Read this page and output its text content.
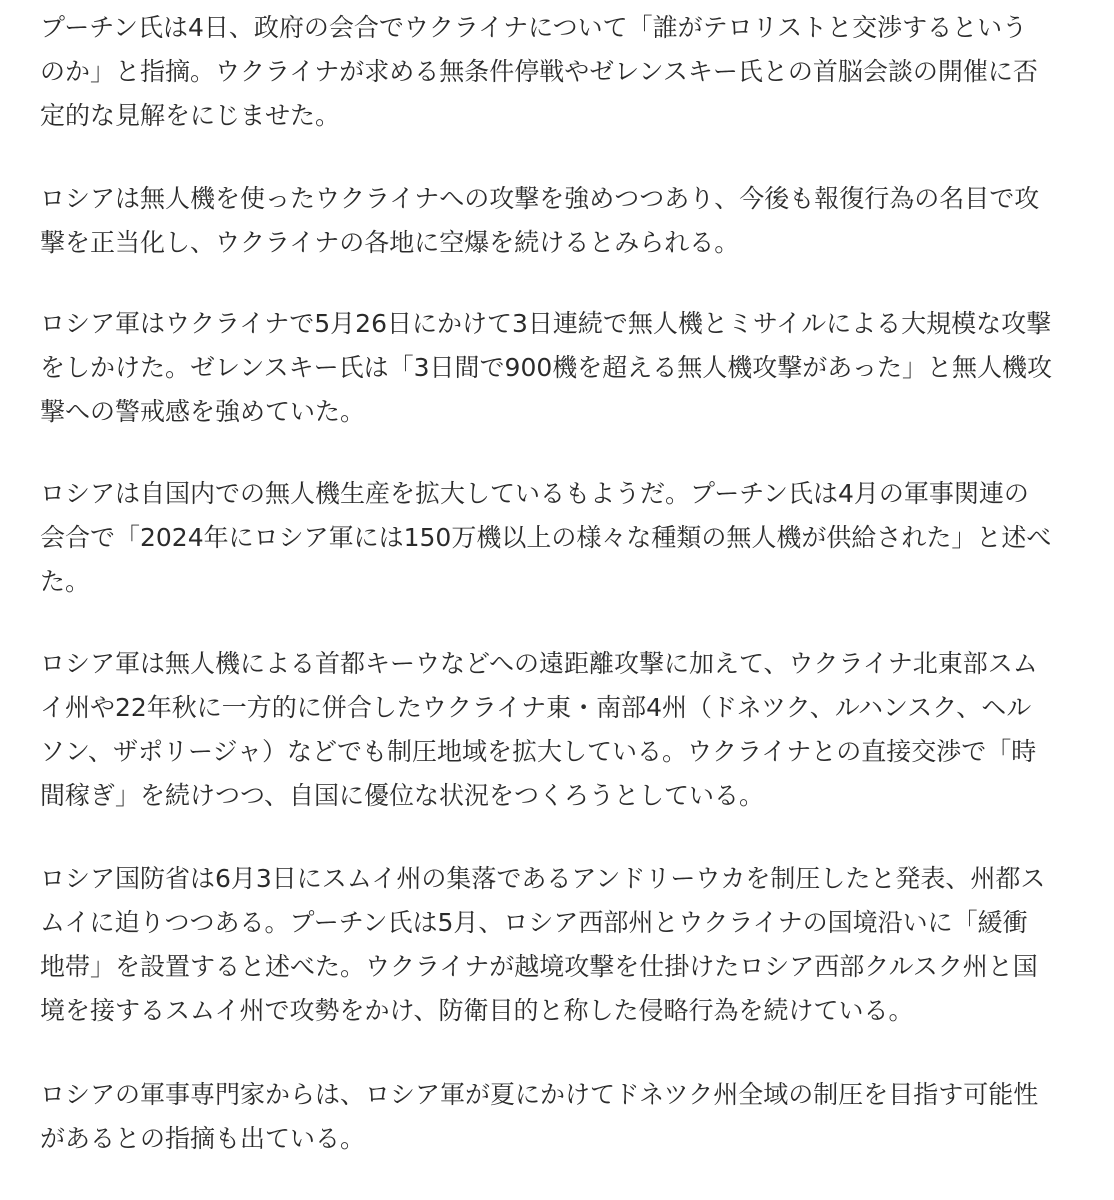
プーチン氏は4日、政府の会合でウクライナについて「誰がテロリストと交渉するという
のか」と指摘。ウクライナが求める無条件停戦やゼレンスキー氏との首脳会談の開催に否
定的な見解をにじませた。

ロシアは無人機を使ったウクライナへの攻撃を強めつつあり、今後も報復行為の名目で攻
撃を正当化し、ウクライナの各地に空爆を続けるとみられる。

ロシア軍はウクライナで5月26日にかけて3日連続で無人機とミサイルによる大規模な攻撃
をしかけた。ゼレンスキー氏は「3日間で900機を超える無人機攻撃があった」と無人機攻
撃への警戒感を強めていた。

ロシアは自国内での無人機生産を拡大しているもようだ。プーチン氏は4月の軍事関連の
会合で「2024年にロシア軍には150万機以上の様々な種類の無人機が供給された」と述べ
た。

ロシア軍は無人機による首都キーウなどへの遠距離攻撃に加えて、ウクライナ北東部スム
イ州や22年秋に一方的に併合したウクライナ東・南部4州（ドネツク、ルハンスク、ヘル
ソン、ザポリージャ）などでも制圧地域を拡大している。ウクライナとの直接交渉で「時
間稼ぎ」を続けつつ、自国に優位な状況をつくろうとしている。

ロシア国防省は6月3日にスムイ州の集落であるアンドリーウカを制圧したと発表、州都ス
ムイに迫りつつある。プーチン氏は5月、ロシア西部州とウクライナの国境沿いに「緩衝
地帯」を設置すると述べた。ウクライナが越境攻撃を仕掛けたロシア西部クルスク州と国
境を接するスムイ州で攻勢をかけ、防衛目的と称した侵略行為を続けている。

ロシアの軍事専門家からは、ロシア軍が夏にかけてドネツク州全域の制圧を目指す可能性
があるとの指摘も出ている。
